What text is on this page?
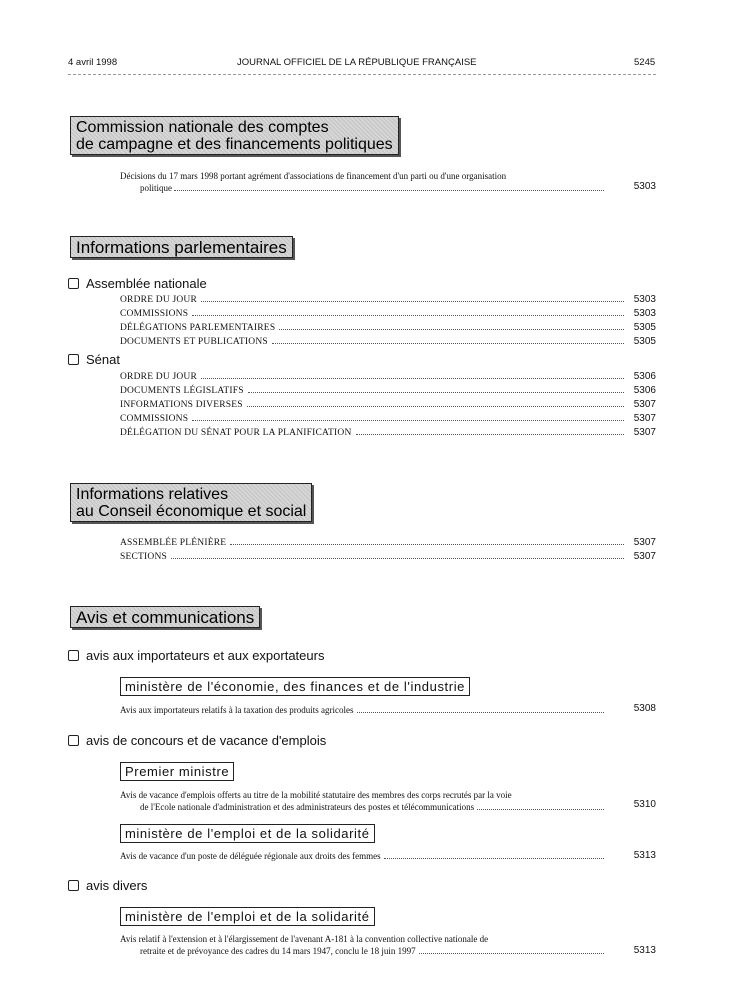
4 avril 1998	JOURNAL OFFICIEL DE LA RÉPUBLIQUE FRANÇAISE	5245
Commission nationale des comptes
de campagne et des financements politiques
Décisions du 17 mars 1998 portant agrément d'associations de financement d'un parti ou d'une organisation
politique	5303
Informations parlementaires
Assemblée nationale
ORDRE DU JOUR	5303
COMMISSIONS	5303
DÉLÉGATIONS PARLEMENTAIRES	5305
DOCUMENTS ET PUBLICATIONS	5305
Sénat
ORDRE DU JOUR	5306
DOCUMENTS LÉGISLATIFS	5306
INFORMATIONS DIVERSES	5307
COMMISSIONS	5307
DÉLÉGATION DU SÉNAT POUR LA PLANIFICATION	5307
Informations relatives
au Conseil économique et social
ASSEMBLÉE PLÉNIÈRE	5307
SECTIONS	5307
Avis et communications
avis aux importateurs et aux exportateurs
ministère de l'économie, des finances et de l'industrie
Avis aux importateurs relatifs à la taxation des produits agricoles	5308
avis de concours et de vacance d'emplois
Premier ministre
Avis de vacance d'emplois offerts au titre de la mobilité statutaire des membres des corps recrutés par la voie
de l'Ecole nationale d'administration et des administrateurs des postes et télécommunications	5310
ministère de l'emploi et de la solidarité
Avis de vacance d'un poste de déléguée régionale aux droits des femmes	5313
avis divers
ministère de l'emploi et de la solidarité
Avis relatif à l'extension et à l'élargissement de l'avenant A-181 à la convention collective nationale de
retraite et de prévoyance des cadres du 14 mars 1947, conclu le 18 juin 1997	5313
